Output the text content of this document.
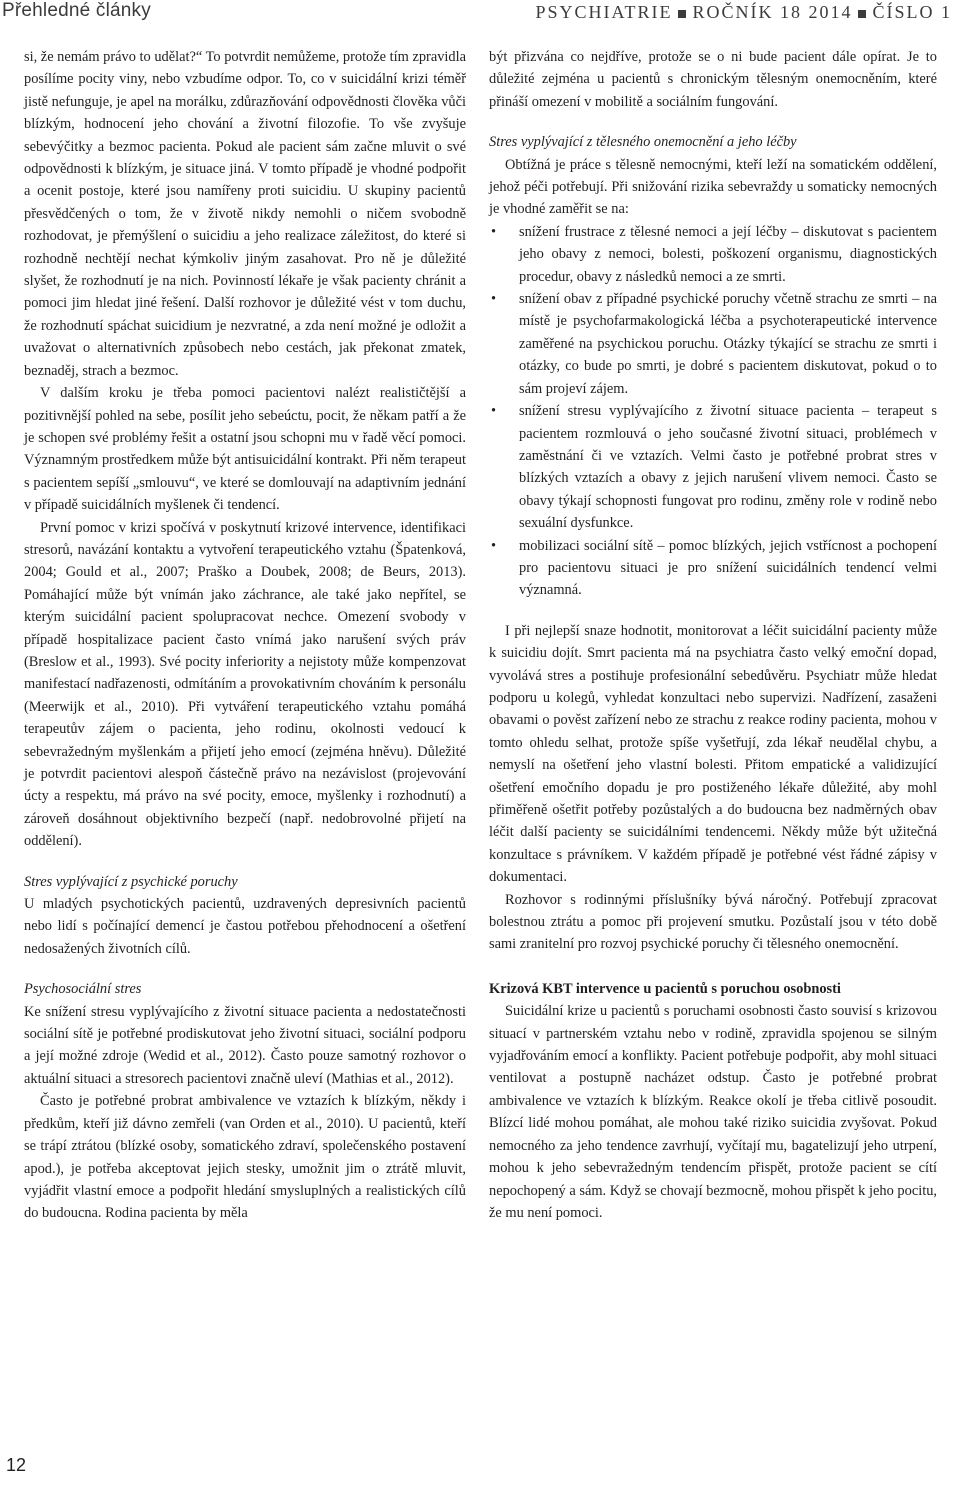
Přehledné články	PSYCHIATRIE ROČNÍK 18 2014 ČÍSLO 1

si, že nemám právo to udělat?“ To potvrdit nemůžeme, protože tím zpravidla posílíme pocity viny, nebo vzbudíme odpor. To, co v suicidální krizi téměř jistě nefunguje, je apel na morálku, zdůrazňování odpovědnosti člověka vůči blízkým, hodnocení jeho chování a životní filozofie. To vše zvyšuje sebevýčitky a bezmoc pacienta. Pokud ale pacient sám začne mluvit o své odpovědnosti k blízkým, je situace jiná. V tomto případě je vhodné podpořit a ocenit postoje, které jsou namířeny proti suicidiu. U skupiny pacientů přesvědčených o tom, že v životě nikdy nemohli o ničem svobodně rozhodovat, je přemýšlení o suicidiu a jeho realizace záležitost, do které si rozhodně nechtějí nechat kýmkoliv jiným zasahovat. Pro ně je důležité slyšet, že rozhodnutí je na nich. Povinností lékaře je však pacienty chránit a pomoci jim hledat jiné řešení. Další rozhovor je důležité vést v tom duchu, že rozhodnutí spáchat suicidium je nezvratné, a zda není možné je odložit a uvažovat o alternativních způsobech nebo cestách, jak překonat zmatek, beznaděj, strach a bezmoc.

V dalším kroku je třeba pomoci pacientovi nalézt realističtější a pozitivnější pohled na sebe, posílit jeho sebeúctu, pocit, že někam patří a že je schopen své problémy řešit a ostatní jsou schopni mu v řadě věcí pomoci. Významným prostředkem může být antisuicidální kontrakt. Při něm terapeut s pacientem sepíší „smlouvu“, ve které se domlouvají na adaptivním jednání v případě suicidálních myšlenek či tendencí.

První pomoc v krizi spočívá v poskytnutí krizové intervence, identifikaci stresorů, navázání kontaktu a vytvoření terapeutického vztahu (Špatenková, 2004; Gould et al., 2007; Praško a Doubek, 2008; de Beurs, 2013). Pomáhající může být vnímán jako záchrance, ale také jako nepřítel, se kterým suicidální pacient spolupracovat nechce. Omezení svobody v případě hospitalizace pacient často vnímá jako narušení svých práv (Breslow et al., 1993). Své pocity inferiority a nejistoty může kompenzovat manifestací nadřazenosti, odmítáním a provokativním chováním k personálu (Meerwijk et al., 2010). Při vytváření terapeutického vztahu pomáhá terapeutův zájem o pacienta, jeho rodinu, okolnosti vedoucí k sebevražedným myšlenkám a přijetí jeho emocí (zejména hněvu). Důležité je potvrdit pacientovi alespoň částečně právo na nezávislost (projevování úcty a respektu, má právo na své pocity, emoce, myšlenky i rozhodnutí) a zároveň dosáhnout objektivního bezpečí (např. nedobrovolné přijetí na oddělení).

Stres vyplývající z psychické poruchy

U mladých psychotických pacientů, uzdravených depresivních pacientů nebo lidí s počínající demencí je častou potřebou přehodnocení a ošetření nedosažených životních cílů.

Psychosociální stres

Ke snížení stresu vyplývajícího z životní situace pacienta a nedostatečnosti sociální sítě je potřebné prodiskutovat jeho životní situaci, sociální podporu a její možné zdroje (Wedid et al., 2012). Často pouze samotný rozhovor o aktuální situaci a stresorech pacientovi značně uleví (Mathias et al., 2012).

Často je potřebné probrat ambivalence ve vztazích k blízkým, někdy i předkům, kteří již dávno zemřeli (van Orden et al., 2010). U pacientů, kteří se trápí ztrátou (blízké osoby, somatického zdraví, společenského postavení apod.), je potřeba akceptovat jejich stesky, umožnit jim o ztrátě mluvit, vyjádřit vlastní emoce a podpořit hledání smysluplných a realistických cílů do budoucna. Rodina pacienta by měla

být přizvána co nejdříve, protože se o ni bude pacient dále opírat. Je to důležité zejména u pacientů s chronickým tělesným onemocněním, které přináší omezení v mobilitě a sociálním fungování.

Stres vyplývající z tělesného onemocnění a jeho léčby

Obtížná je práce s tělesně nemocnými, kteří leží na somatickém oddělení, jehož péči potřebují. Při snižování rizika sebevraždy u somaticky nemocných je vhodné zaměřit se na:

• snížení frustrace z tělesné nemoci a její léčby – diskutovat s pacientem jeho obavy z nemoci, bolesti, poškození organismu, diagnostických procedur, obavy z následků nemoci a ze smrti.
• snížení obav z případné psychické poruchy včetně strachu ze smrti – na místě je psychofarmakologická léčba a psychoterapeutické intervence zaměřené na psychickou poruchu. Otázky týkající se strachu ze smrti i otázky, co bude po smrti, je dobré s pacientem diskutovat, pokud o to sám projeví zájem.
• snížení stresu vyplývajícího z životní situace pacienta – terapeut s pacientem rozmlouvá o jeho současné životní situaci, problémech v zaměstnání či ve vztazích. Velmi často je potřebné probrat stres v blízkých vztazích a obavy z jejich narušení vlivem nemoci. Často se obavy týkají schopnosti fungovat pro rodinu, změny role v rodině nebo sexuální dysfunkce.
• mobilizaci sociální sítě – pomoc blízkých, jejich vstřícnost a pochopení pro pacientovu situaci je pro snížení suicidálních tendencí velmi významná.

I při nejlepší snaze hodnotit, monitorovat a léčit suicidální pacienty může k suicidiu dojít. Smrt pacienta má na psychiatra často velký emoční dopad, vyvolává stres a postihuje profesionální sebedůvěru. Psychiatr může hledat podporu u kolegů, vyhledat konzultaci nebo supervizi. Nadřízení, zasaženi obavami o pověst zařízení nebo ze strachu z reakce rodiny pacienta, mohou v tomto ohledu selhat, protože spíše vyšetřují, zda lékař neudělal chybu, a nemyslí na ošetření jeho vlastní bolesti. Přitom empatické a validizující ošetření emočního dopadu je pro postiženého lékaře důležité, aby mohl přiměřeně ošetřit potřeby pozůstalých a do budoucna bez nadměrných obav léčit další pacienty se suicidálními tendencemi. Někdy může být užitečná konzultace s právníkem. V každém případě je potřebné vést řádné zápisy v dokumentaci.

Rozhovor s rodinnými příslušníky bývá náročný. Potřebují zpracovat bolestnou ztrátu a pomoc při projevení smutku. Pozůstalí jsou v této době sami zranitelní pro rozvoj psychické poruchy či tělesného onemocnění.

Krizová KBT intervence u pacientů s poruchou osobnosti

Suicidální krize u pacientů s poruchami osobnosti často souvisí s krizovou situací v partnerském vztahu nebo v rodině, zpravidla spojenou se silným vyjadřováním emocí a konflikty. Pacient potřebuje podpořit, aby mohl situaci ventilovat a postupně nacházet odstup. Často je potřebné probrat ambivalence ve vztazích k blízkým. Reakce okolí je třeba citlivě posoudit. Blízcí lidé mohou pomáhat, ale mohou také riziko suicidia zvyšovat. Pokud nemocného za jeho tendence zavrhují, vyčítají mu, bagatelizují jeho utrpení, mohou k jeho sebevražedným tendencím přispět, protože pacient se cítí nepochopený a sám. Když se chovají bezmocně, mohou přispět k jeho pocitu, že mu není pomoci.

12
